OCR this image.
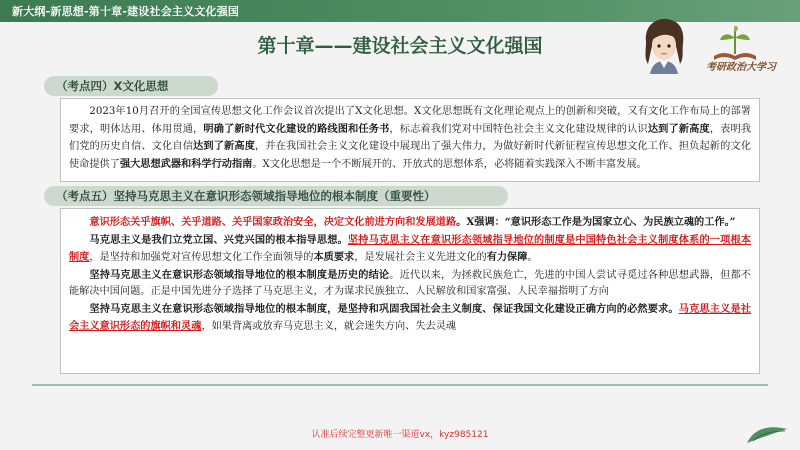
新大纲-新思想-第十章-建设社会主义文化强国
第十章——建设社会主义文化强国
考研政治大学习
（考点四）X文化思想

2023年10月召开的全国宣传思想文化工作会议首次提出了X文化思想。X文化思想既有文化理论观点上的创新和突破，又有文化工作布局上的部署要求，明体达用、体用贯通，明确了新时代文化建设的路线图和任务书，标志着我们党对中国特色社会主义文化建设规律的认识达到了新高度，表明我们党的历史自信、文化自信达到了新高度，并在我国社会主义文化建设中展现出了强大伟力，为做好新时代新征程宣传思想文化工作、担负起新的文化使命提供了强大思想武器和科学行动指南。X文化思想是一个不断展开的、开放式的思想体系，必将随着实践深入不断丰富发展。

（考点五）坚持马克思主义在意识形态领域指导地位的根本制度（重要性）

意识形态关乎旗帜、关乎道路、关乎国家政治安全，决定文化前进方向和发展道路。X强调：“意识形态工作是为国家立心、为民族立魂的工作。”

马克思主义是我们立党立国、兴党兴国的根本指导思想。坚持马克思主义在意识形态领域指导地位的制度是中国特色社会主义制度体系的一项根本制度，是坚持和加强党对宣传思想文化工作全面领导的本质要求，是发展社会主义先进文化的有力保障。

坚持马克思主义在意识形态领域指导地位的根本制度是历史的结论。近代以来，为拯救民族危亡，先进的中国人尝试寻觅过各种思想武器，但都不能解决中国问题。正是中国先进分子选择了马克思主义，才为谋求民族独立、人民解放和国家富强、人民幸福指明了方向

坚持马克思主义在意识形态领域指导地位的根本制度，是坚持和巩固我国社会主义制度、保证我国文化建设正确方向的必然要求。马克思主义是社会主义意识形态的旗帜和灵魂，如果背离或放弃马克思主义，就会迷失方向、失去灵魂

认准后续完整更新唯一渠道vx，kyz985121
